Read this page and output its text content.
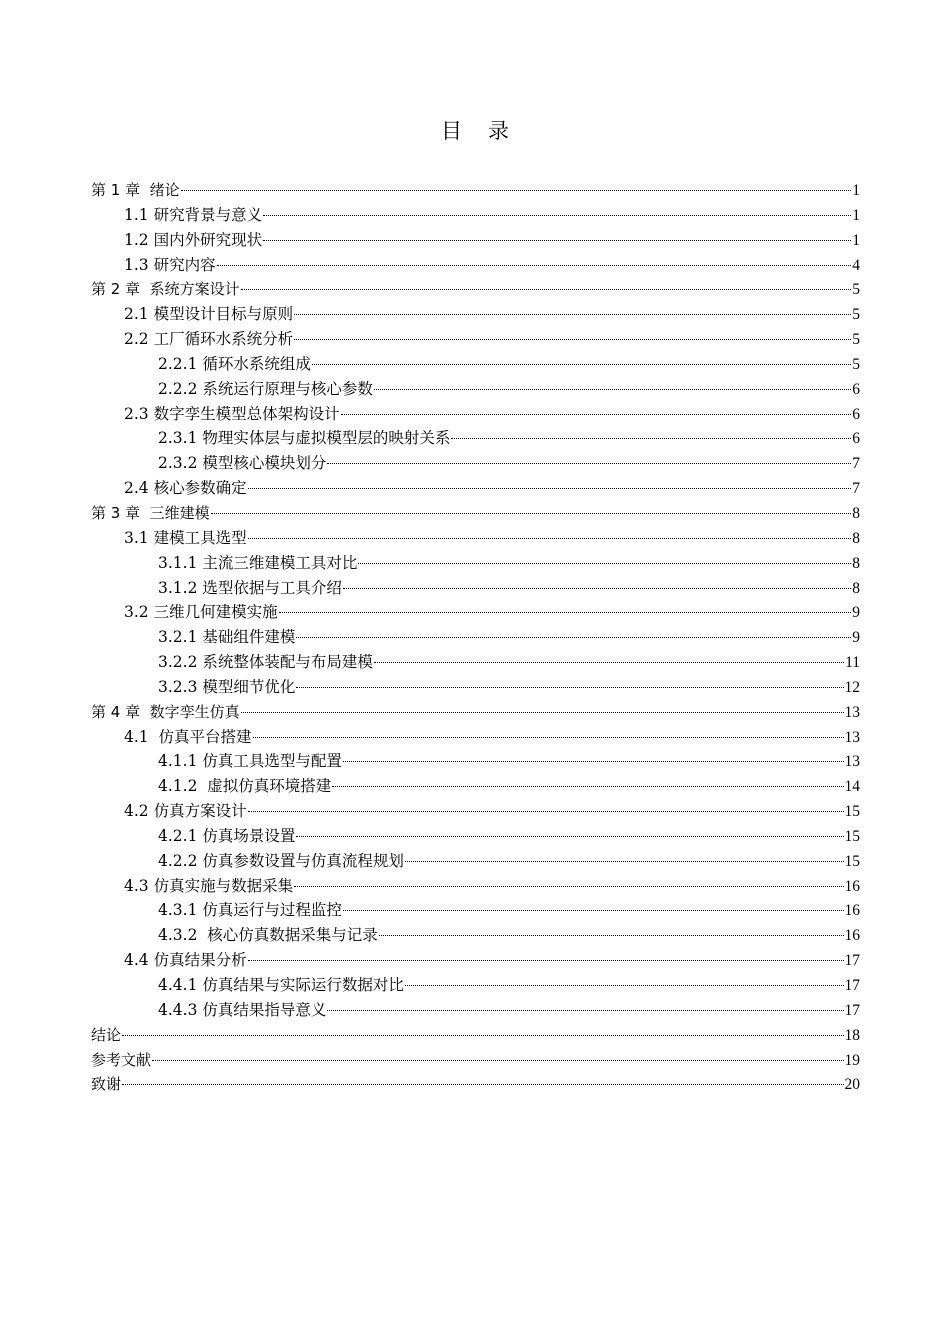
目 录
第 1 章  绪论	1
1.1 研究背景与意义	1
1.2 国内外研究现状	1
1.3 研究内容	4
第 2 章  系统方案设计	5
2.1 模型设计目标与原则	5
2.2 工厂循环水系统分析	5
2.2.1 循环水系统组成	5
2.2.2 系统运行原理与核心参数	6
2.3 数字孪生模型总体架构设计	6
2.3.1 物理实体层与虚拟模型层的映射关系	6
2.3.2 模型核心模块划分	7
2.4 核心参数确定	7
第 3 章  三维建模	8
3.1 建模工具选型	8
3.1.1 主流三维建模工具对比	8
3.1.2 选型依据与工具介绍	8
3.2 三维几何建模实施	9
3.2.1 基础组件建模	9
3.2.2 系统整体装配与布局建模	11
3.2.3 模型细节优化	12
第 4 章  数字孪生仿真	13
4.1  仿真平台搭建	13
4.1.1 仿真工具选型与配置	13
4.1.2  虚拟仿真环境搭建	14
4.2 仿真方案设计	15
4.2.1 仿真场景设置	15
4.2.2 仿真参数设置与仿真流程规划	15
4.3 仿真实施与数据采集	16
4.3.1 仿真运行与过程监控	16
4.3.2  核心仿真数据采集与记录	16
4.4 仿真结果分析	17
4.4.1 仿真结果与实际运行数据对比	17
4.4.3 仿真结果指导意义	17
结论	18
参考文献	19
致谢	20
